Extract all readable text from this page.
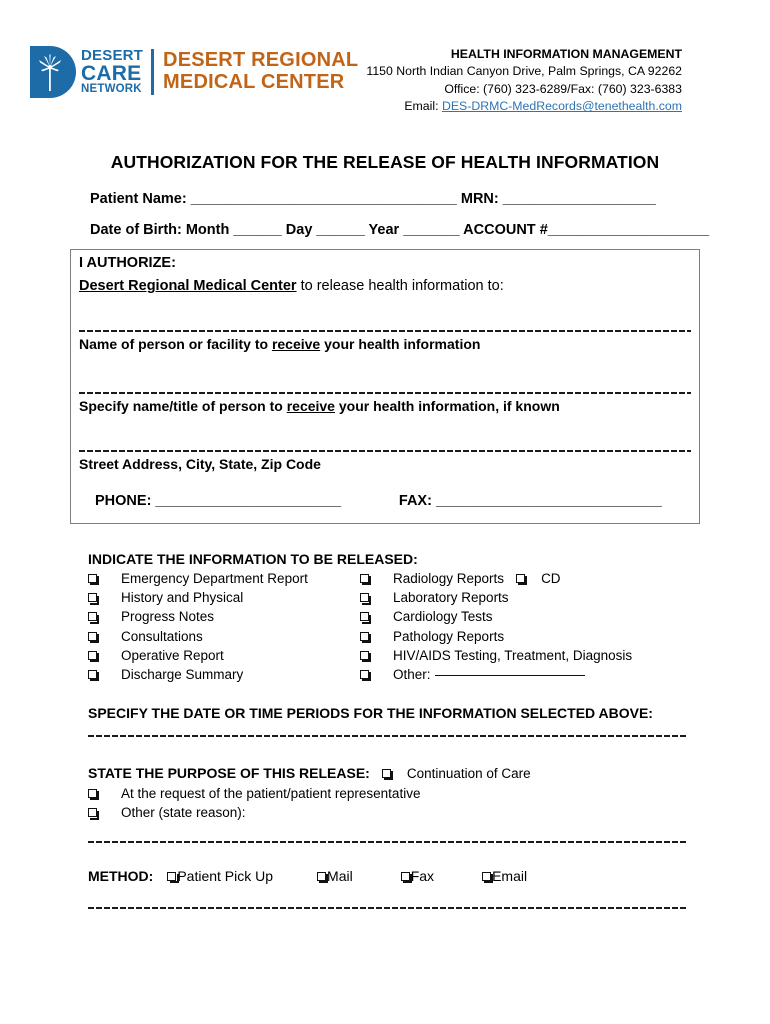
DESERT
CARE
NETWORK
DESERT REGIONAL
MEDICAL CENTER
HEALTH INFORMATION MANAGEMENT
1150 North Indian Canyon Drive, Palm Springs, CA 92262
Office: (760) 323-6289/Fax: (760) 323-6383
Email: DES-DRMC-MedRecords@tenethealth.com
AUTHORIZATION FOR THE RELEASE OF HEALTH INFORMATION
Patient Name: _________________________________ MRN: ___________________
Date of Birth: Month ______ Day ______ Year _______ ACCOUNT #____________________
I AUTHORIZE:
Desert Regional Medical Center to release health information to:
Name of person or facility to receive your health information
Specify name/title of person to receive your health information, if known
Street Address, City, State, Zip Code
PHONE: _______________________	FAX: ____________________________
INDICATE THE INFORMATION TO BE RELEASED:
Emergency Department Report
History and Physical
Progress Notes
Consultations
Operative Report
Discharge Summary
Radiology Reports	CD
Laboratory Reports
Cardiology Tests
Pathology Reports
HIV/AIDS Testing, Treatment, Diagnosis
Other:
SPECIFY THE DATE OR TIME PERIODS FOR THE INFORMATION SELECTED ABOVE:
STATE THE PURPOSE OF THIS RELEASE:	Continuation of Care
At the request of the patient/patient representative
Other (state reason):
METHOD: Patient Pick Up	Mail	Fax	Email
